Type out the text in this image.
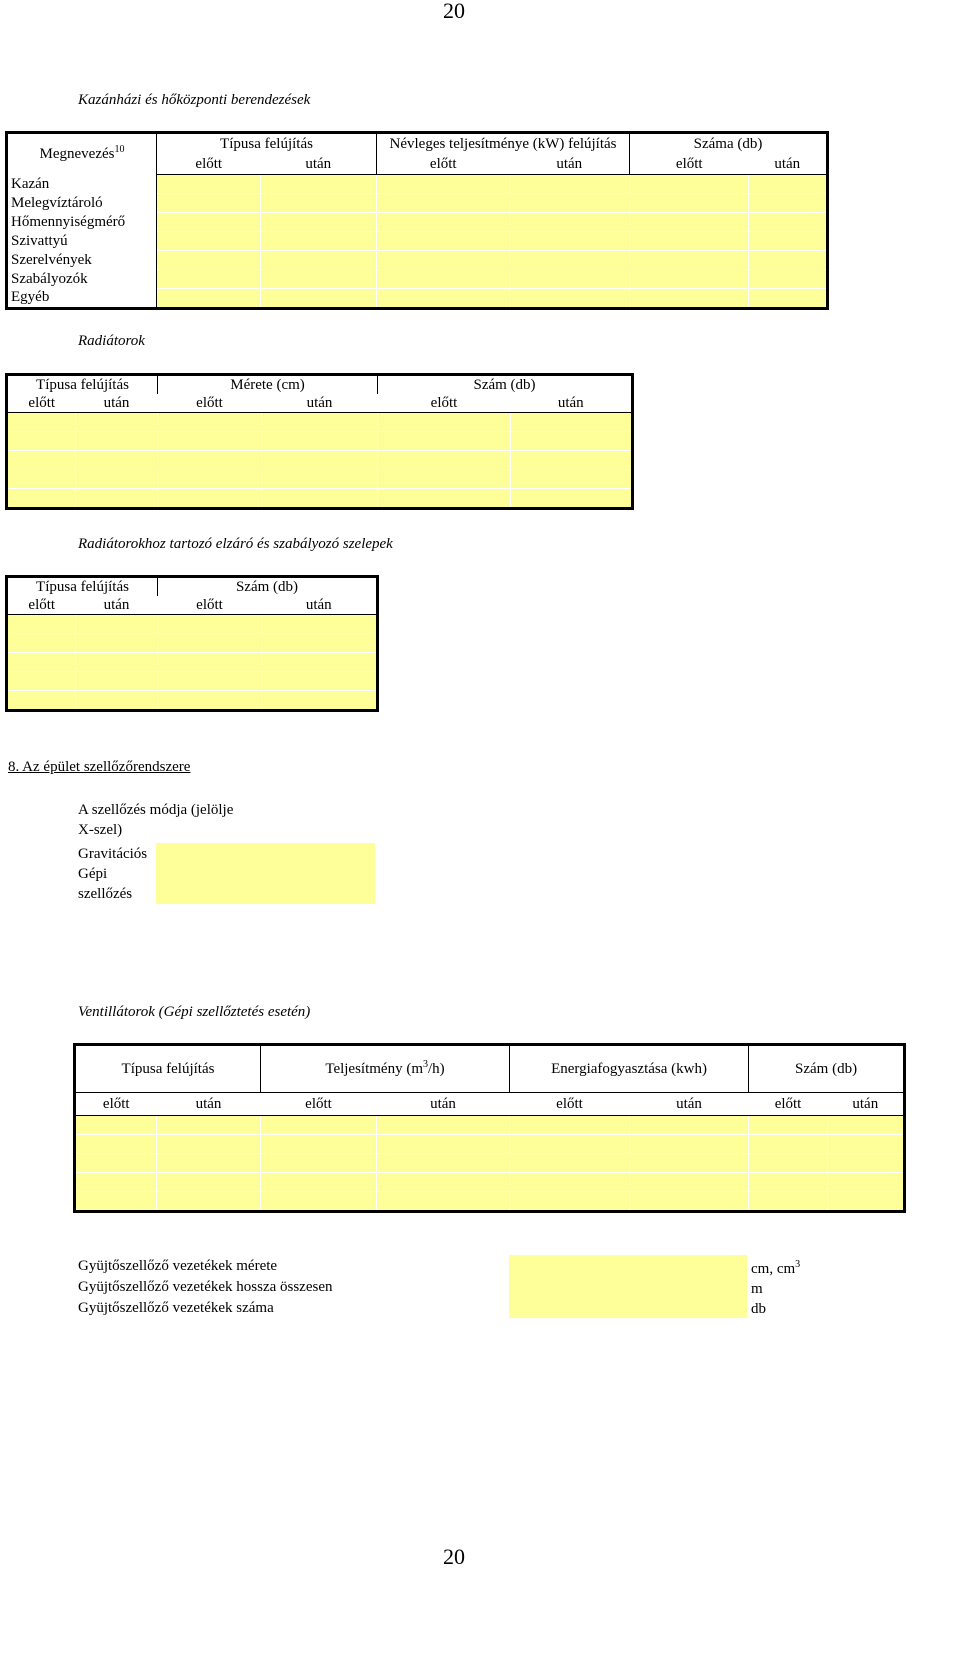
20
Kazánházi és hőközponti berendezések
Megnevezés$^{10}$	Típusa felújítás		Névleges teljesítménye (kW) felújítás		Száma (db)	
	előtt	után	előtt	után	előtt	után
Kazán						
Melegvíztároló						
Hőmennyiségmérő						
Szivattyú						
Szerelvények						
Szabályozók						
Egyéb						
Radiátorok
Típusa felújítás		Mérete (cm)		Szám (db)	
előtt	után	előtt	után	előtt	után

Radiátorokhoz tartozó elzáró és szabályozó szelepek
Típusa felújítás		Szám (db)	
előtt	után	előtt	után

8. Az épület szellőzőrendszere
A szellőzés módja (jelölje
X-szel)
Gravitációs
Gépi
szellőzés
Ventillátorok (Gépi szellőztetés esetén)
Típusa felújítás		Teljesítmény $(m^3/h)$		Energiafogyasztása (kwh)		Szám (db)	
előtt	után	előtt	után	előtt	után	előtt	után

Gyüjtőszellőző vezetékek mérete
Gyüjtőszellőző vezetékek hossza összesen
Gyüjtőszellőző vezetékek száma
cm, $cm^3$
m
db
20
